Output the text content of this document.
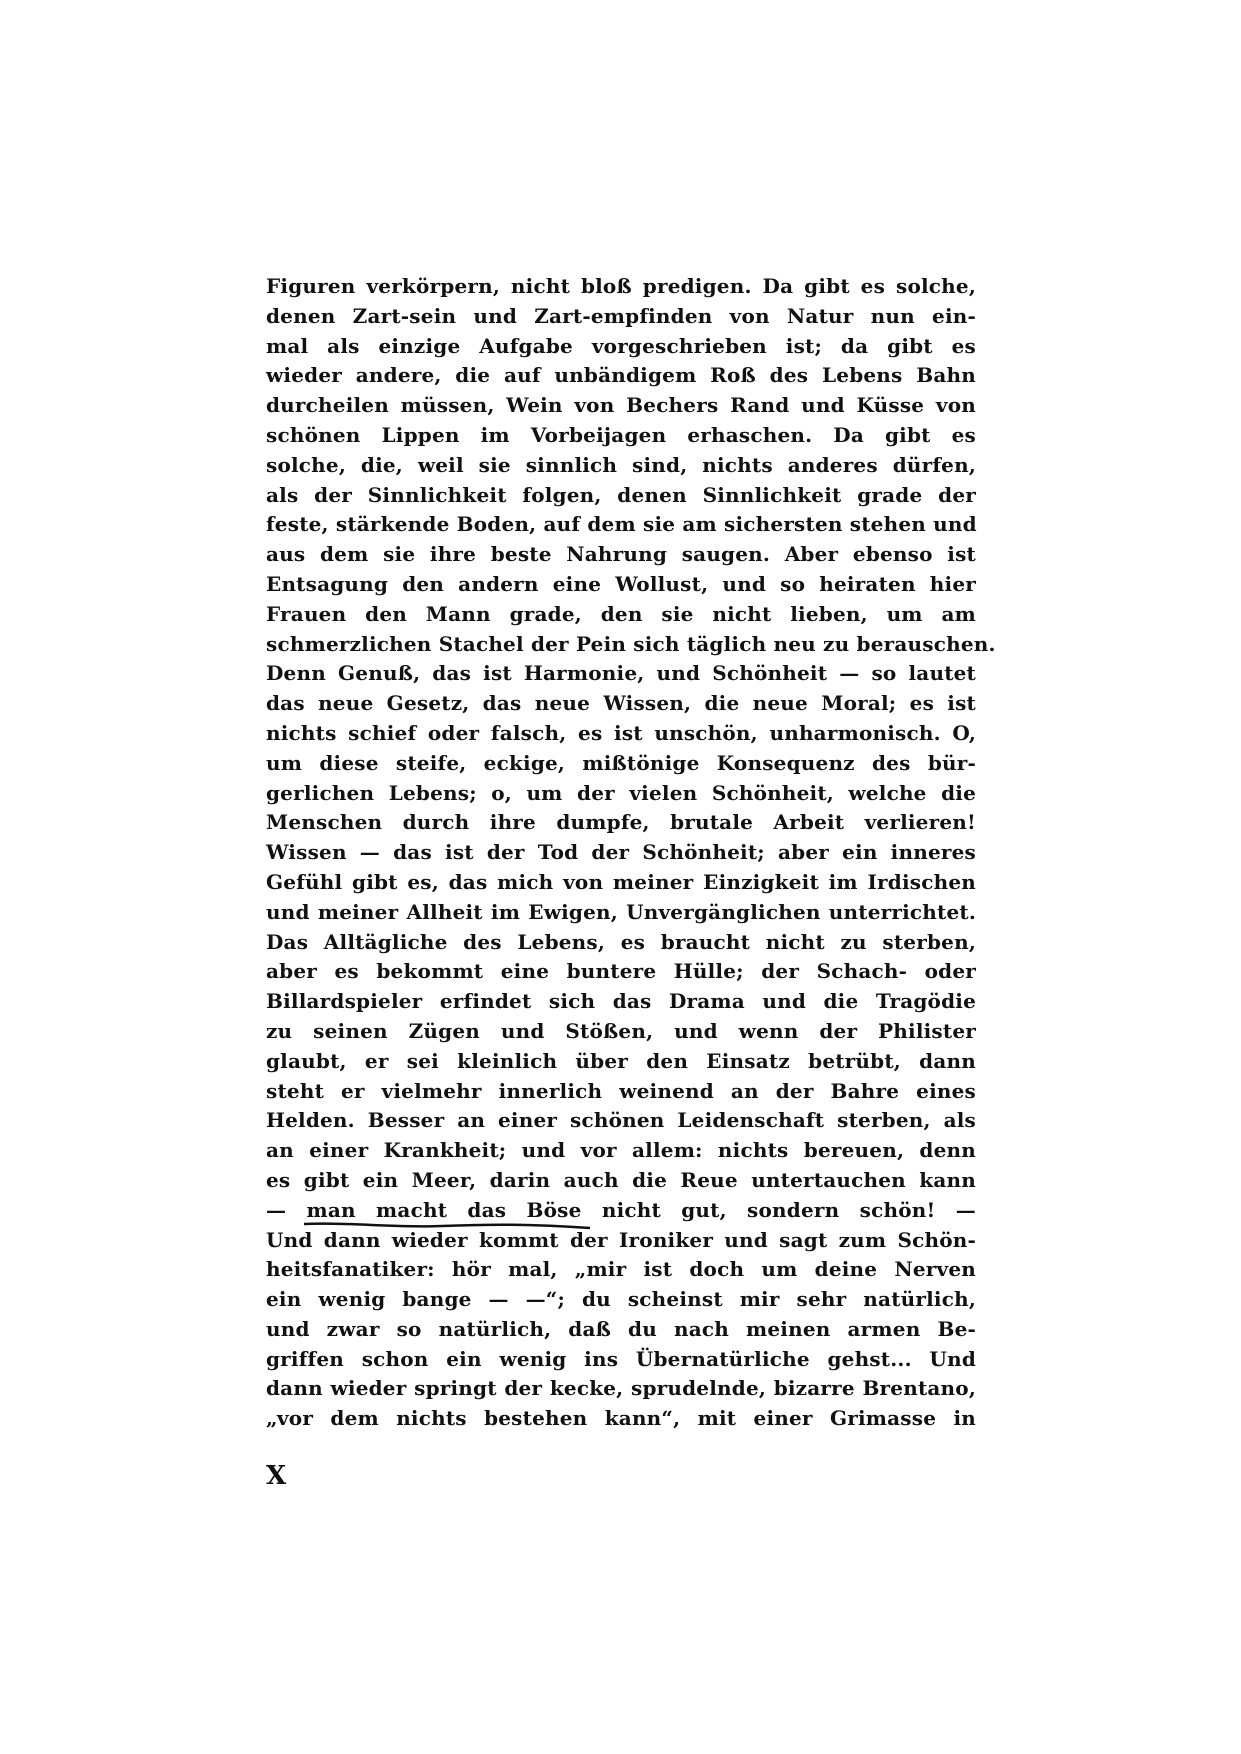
Figuren verkörpern, nicht bloß predigen. Da gibt es solche,
denen Zart-sein und Zart-empfinden von Natur nun ein-
mal als einzige Aufgabe vorgeschrieben ist; da gibt es
wieder andere, die auf unbändigem Roß des Lebens Bahn
durcheilen müssen, Wein von Bechers Rand und Küsse von
schönen Lippen im Vorbeijagen erhaschen. Da gibt es
solche, die, weil sie sinnlich sind, nichts anderes dürfen,
als der Sinnlichkeit folgen, denen Sinnlichkeit grade der
feste, stärkende Boden, auf dem sie am sichersten stehen und
aus dem sie ihre beste Nahrung saugen. Aber ebenso ist
Entsagung den andern eine Wollust, und so heiraten hier
Frauen den Mann grade, den sie nicht lieben, um am
schmerzlichen Stachel der Pein sich täglich neu zu berauschen.
Denn Genuß, das ist Harmonie, und Schönheit — so lautet
das neue Gesetz, das neue Wissen, die neue Moral; es ist
nichts schief oder falsch, es ist unschön, unharmonisch. O,
um diese steife, eckige, mißtönige Konsequenz des bür-
gerlichen Lebens; o, um der vielen Schönheit, welche die
Menschen durch ihre dumpfe, brutale Arbeit verlieren!
Wissen — das ist der Tod der Schönheit; aber ein inneres
Gefühl gibt es, das mich von meiner Einzigkeit im Irdischen
und meiner Allheit im Ewigen, Unvergänglichen unterrichtet.
Das Alltägliche des Lebens, es braucht nicht zu sterben,
aber es bekommt eine buntere Hülle; der Schach- oder
Billardspieler erfindet sich das Drama und die Tragödie
zu seinen Zügen und Stößen, und wenn der Philister
glaubt, er sei kleinlich über den Einsatz betrübt, dann
steht er vielmehr innerlich weinend an der Bahre eines
Helden. Besser an einer schönen Leidenschaft sterben, als
an einer Krankheit; und vor allem: nichts bereuen, denn
es gibt ein Meer, darin auch die Reue untertauchen kann
— man macht das Böse nicht gut, sondern schön! —
Und dann wieder kommt der Ironiker und sagt zum Schön-
heitsfanatiker: hör mal, „mir ist doch um deine Nerven
ein wenig bange — —“; du scheinst mir sehr natürlich,
und zwar so natürlich, daß du nach meinen armen Be-
griffen schon ein wenig ins Übernatürliche gehst... Und
dann wieder springt der kecke, sprudelnde, bizarre Brentano,
„vor dem nichts bestehen kann“, mit einer Grimasse in
X
